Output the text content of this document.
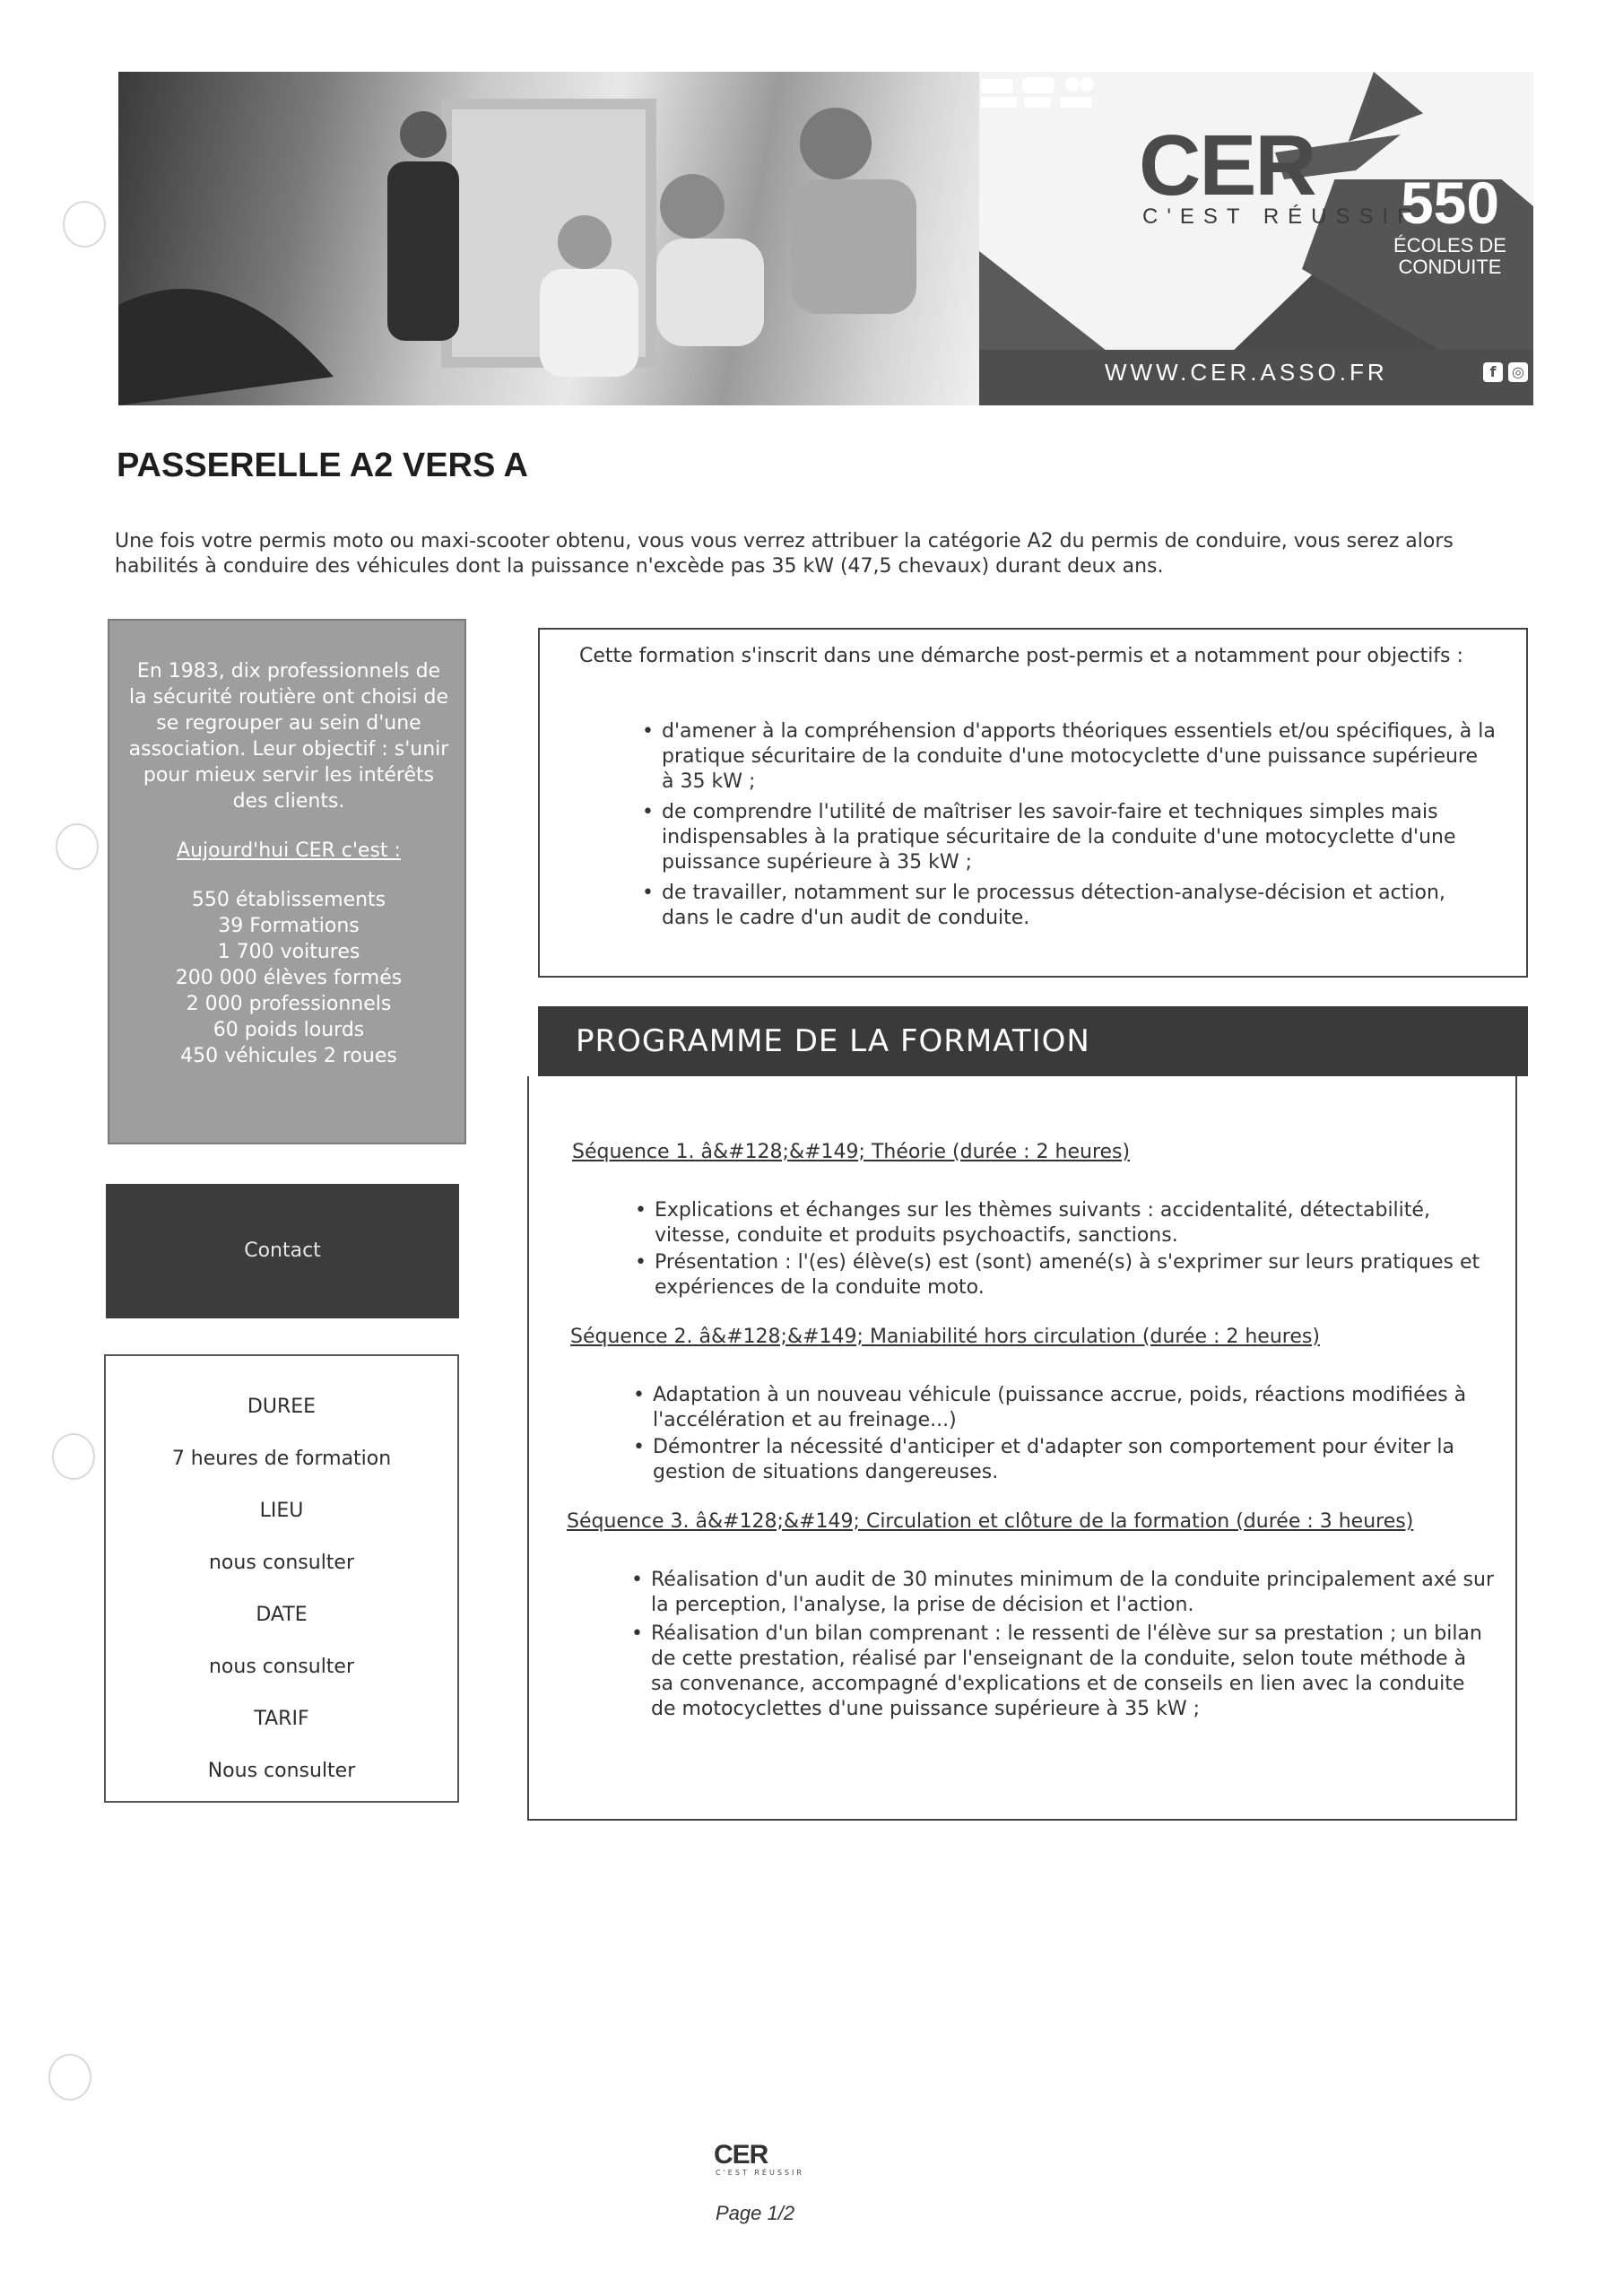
CER
C'EST RÉUSSIR
550
ÉCOLES DE
CONDUITE
WWW.CER.ASSO.FR	f	◎
PASSERELLE A2 VERS A
Une fois votre permis moto ou maxi-scooter obtenu, vous vous verrez attribuer la catégorie A2 du permis de conduire, vous serez alors habilités à conduire des véhicules dont la puissance n'excède pas 35 kW (47,5 chevaux) durant deux ans.
En 1983, dix professionnels de la sécurité routière ont choisi de se regrouper au sein d'une association. Leur objectif : s'unir pour mieux servir les intérêts des clients.
Aujourd'hui CER c'est :
550 établissements
39 Formations
1 700 voitures
200 000 élèves formés
2 000 professionnels
60 poids lourds
450 véhicules 2 roues
Contact
DUREE
7 heures de formation
LIEU
nous consulter
DATE
nous consulter
TARIF
Nous consulter
Cette formation s'inscrit dans une démarche post-permis et a notamment pour objectifs :
• d'amener à la compréhension d'apports théoriques essentiels et/ou spécifiques, à la pratique sécuritaire de la conduite d'une motocyclette d'une puissance supérieure à 35 kW ;
• de comprendre l'utilité de maîtriser les savoir-faire et techniques simples mais indispensables à la pratique sécuritaire de la conduite d'une motocyclette d'une puissance supérieure à 35 kW ;
• de travailler, notamment sur le processus détection-analyse-décision et action, dans le cadre d'un audit de conduite.
PROGRAMME DE LA FORMATION
Séquence 1. â&#128;&#149; Théorie (durée : 2 heures)
• Explications et échanges sur les thèmes suivants : accidentalité, détectabilité, vitesse, conduite et produits psychoactifs, sanctions.
• Présentation : l'(es) élève(s) est (sont) amené(s) à s'exprimer sur leurs pratiques et expériences de la conduite moto.
Séquence 2. â&#128;&#149; Maniabilité hors circulation (durée : 2 heures)
• Adaptation à un nouveau véhicule (puissance accrue, poids, réactions modifiées à l'accélération et au freinage...)
• Démontrer la nécessité d'anticiper et d'adapter son comportement pour éviter la gestion de situations dangereuses.
Séquence 3. â&#128;&#149; Circulation et clôture de la formation (durée : 3 heures)
• Réalisation d'un audit de 30 minutes minimum de la conduite principalement axé sur la perception, l'analyse, la prise de décision et l'action.
• Réalisation d'un bilan comprenant : le ressenti de l'élève sur sa prestation ; un bilan de cette prestation, réalisé par l'enseignant de la conduite, selon toute méthode à sa convenance, accompagné d'explications et de conseils en lien avec la conduite de motocyclettes d'une puissance supérieure à 35 kW ;
CER
C'EST RÉUSSIR
Page 1/2
